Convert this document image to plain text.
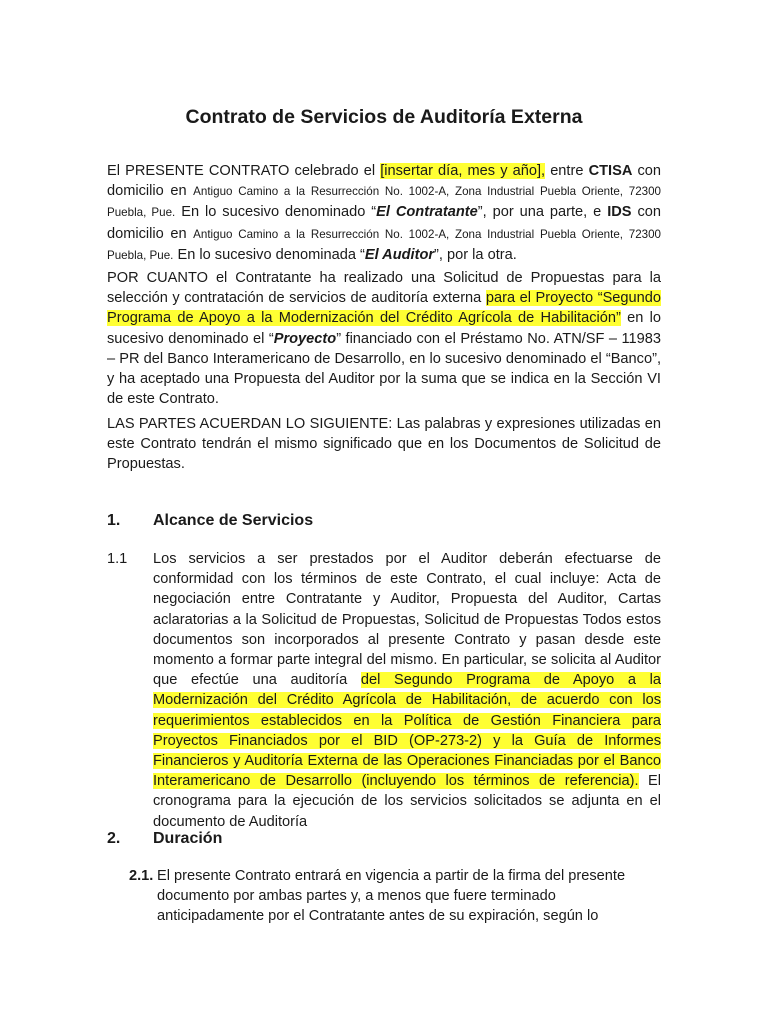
Contrato de Servicios de Auditoría Externa

El PRESENTE CONTRATO celebrado el [insertar día, mes y año], entre CTISA con domicilio en Antiguo Camino a la Resurrección No. 1002-A, Zona Industrial Puebla Oriente, 72300 Puebla, Pue. En lo sucesivo denominado “El Contratante”, por una parte, e IDS con domicilio en Antiguo Camino a la Resurrección No. 1002-A, Zona Industrial Puebla Oriente, 72300 Puebla, Pue. En lo sucesivo denominada “El Auditor”, por la otra.

POR CUANTO el Contratante ha realizado una Solicitud de Propuestas para la selección y contratación de servicios de auditoría externa para el Proyecto “Segundo Programa de Apoyo a la Modernización del Crédito Agrícola de Habilitación” en lo sucesivo denominado el “Proyecto” financiado con el Préstamo No. ATN/SF – 11983 – PR del Banco Interamericano de Desarrollo, en lo sucesivo denominado el “Banco”, y ha aceptado una Propuesta del Auditor por la suma que se indica en la Sección VI de este Contrato.

LAS PARTES ACUERDAN LO SIGUIENTE: Las palabras y expresiones utilizadas en este Contrato tendrán el mismo significado que en los Documentos de Solicitud de Propuestas.

1. Alcance de Servicios
1.1 Los servicios a ser prestados por el Auditor deberán efectuarse de conformidad con los términos de este Contrato, el cual incluye: Acta de negociación entre Contratante y Auditor, Propuesta del Auditor, Cartas aclaratorias a la Solicitud de Propuestas, Solicitud de Propuestas Todos estos documentos son incorporados al presente Contrato y pasan desde este momento a formar parte integral del mismo. En particular, se solicita al Auditor que efectúe una auditoría del Segundo Programa de Apoyo a la Modernización del Crédito Agrícola de Habilitación, de acuerdo con los requerimientos establecidos en la Política de Gestión Financiera para Proyectos Financiados por el BID (OP-273-2) y la Guía de Informes Financieros y Auditoría Externa de las Operaciones Financiadas por el Banco Interamericano de Desarrollo (incluyendo los términos de referencia). El cronograma para la ejecución de los servicios solicitados se adjunta en el documento de Auditoría

2. Duración
2.1. El presente Contrato entrará en vigencia a partir de la firma del presente documento por ambas partes y, a menos que fuere terminado anticipadamente por el Contratante antes de su expiración, según lo
